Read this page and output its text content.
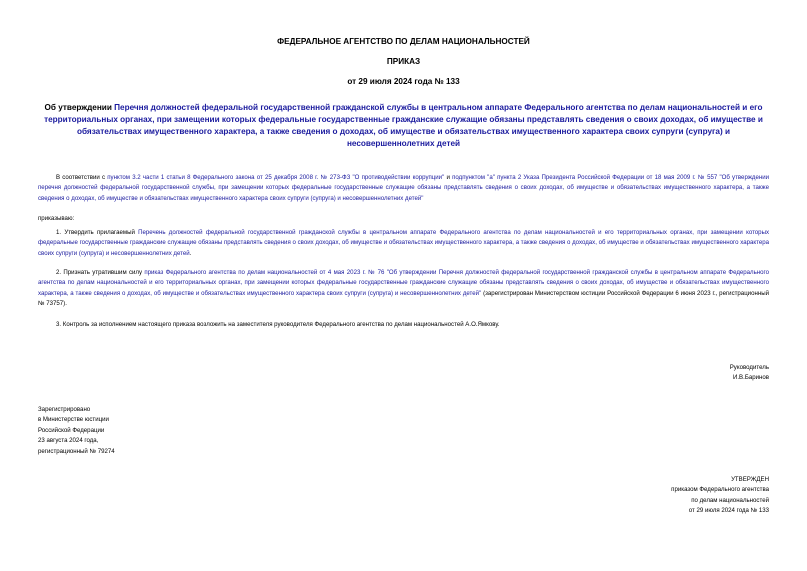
ФЕДЕРАЛЬНОЕ АГЕНТСТВО ПО ДЕЛАМ НАЦИОНАЛЬНОСТЕЙ
ПРИКАЗ
от 29 июля 2024 года № 133
Об утверждении Перечня должностей федеральной государственной гражданской службы в центральном аппарате Федерального агентства по делам национальностей и его территориальных органах, при замещении которых федеральные государственные гражданские служащие обязаны представлять сведения о своих доходах, об имуществе и обязательствах имущественного характера, а также сведения о доходах, об имуществе и обязательствах имущественного характера своих супруги (супруга) и несовершеннолетних детей
В соответствии с пунктом 3.2 части 1 статьи 8 Федерального закона от 25 декабря 2008 г. № 273-ФЗ "О противодействии коррупции" и подпунктом "а" пункта 2 Указа Президента Российской Федерации от 18 мая 2009 г. № 557 "Об утверждении перечня должностей федеральной государственной службы, при замещении которых федеральные государственные служащие обязаны представлять сведения о своих доходах, об имуществе и обязательствах имущественного характера, а также сведения о доходах, об имуществе и обязательствах имущественного характера своих супруги (супруга) и несовершеннолетних детей"
приказываю:
1. Утвердить прилагаемый Перечень должностей федеральной государственной гражданской службы в центральном аппарате Федерального агентства по делам национальностей и его территориальных органах, при замещении которых федеральные государственные гражданские служащие обязаны представлять сведения о своих доходах, об имуществе и обязательствах имущественного характера, а также сведения о доходах, об имуществе и обязательствах имущественного характера своих супруги (супруга) и несовершеннолетних детей.
2. Признать утратившим силу приказ Федерального агентства по делам национальностей от 4 мая 2023 г. № 76 "Об утверждении Перечня должностей федеральной государственной гражданской службы в центральном аппарате Федерального агентства по делам национальностей и его территориальных органах, при замещении которых федеральные государственные гражданские служащие обязаны представлять сведения о своих доходах, об имуществе и обязательствах имущественного характера, а также сведения о доходах, об имуществе и обязательствах имущественного характера своих супруги (супруга) и несовершеннолетних детей" (зарегистрирован Министерством юстиции Российской Федерации 6 июня 2023 г., регистрационный № 73757).
3. Контроль за исполнением настоящего приказа возложить на заместителя руководителя Федерального агентства по делам национальностей А.О.Ямкову.
Руководитель
И.В.Баринов
Зарегистрировано
в Министерстве юстиции
Российской Федерации
23 августа 2024 года,
регистрационный № 79274
УТВЕРЖДЕН
приказом Федерального агентства
по делам национальностей
от 29 июля 2024 года № 133
